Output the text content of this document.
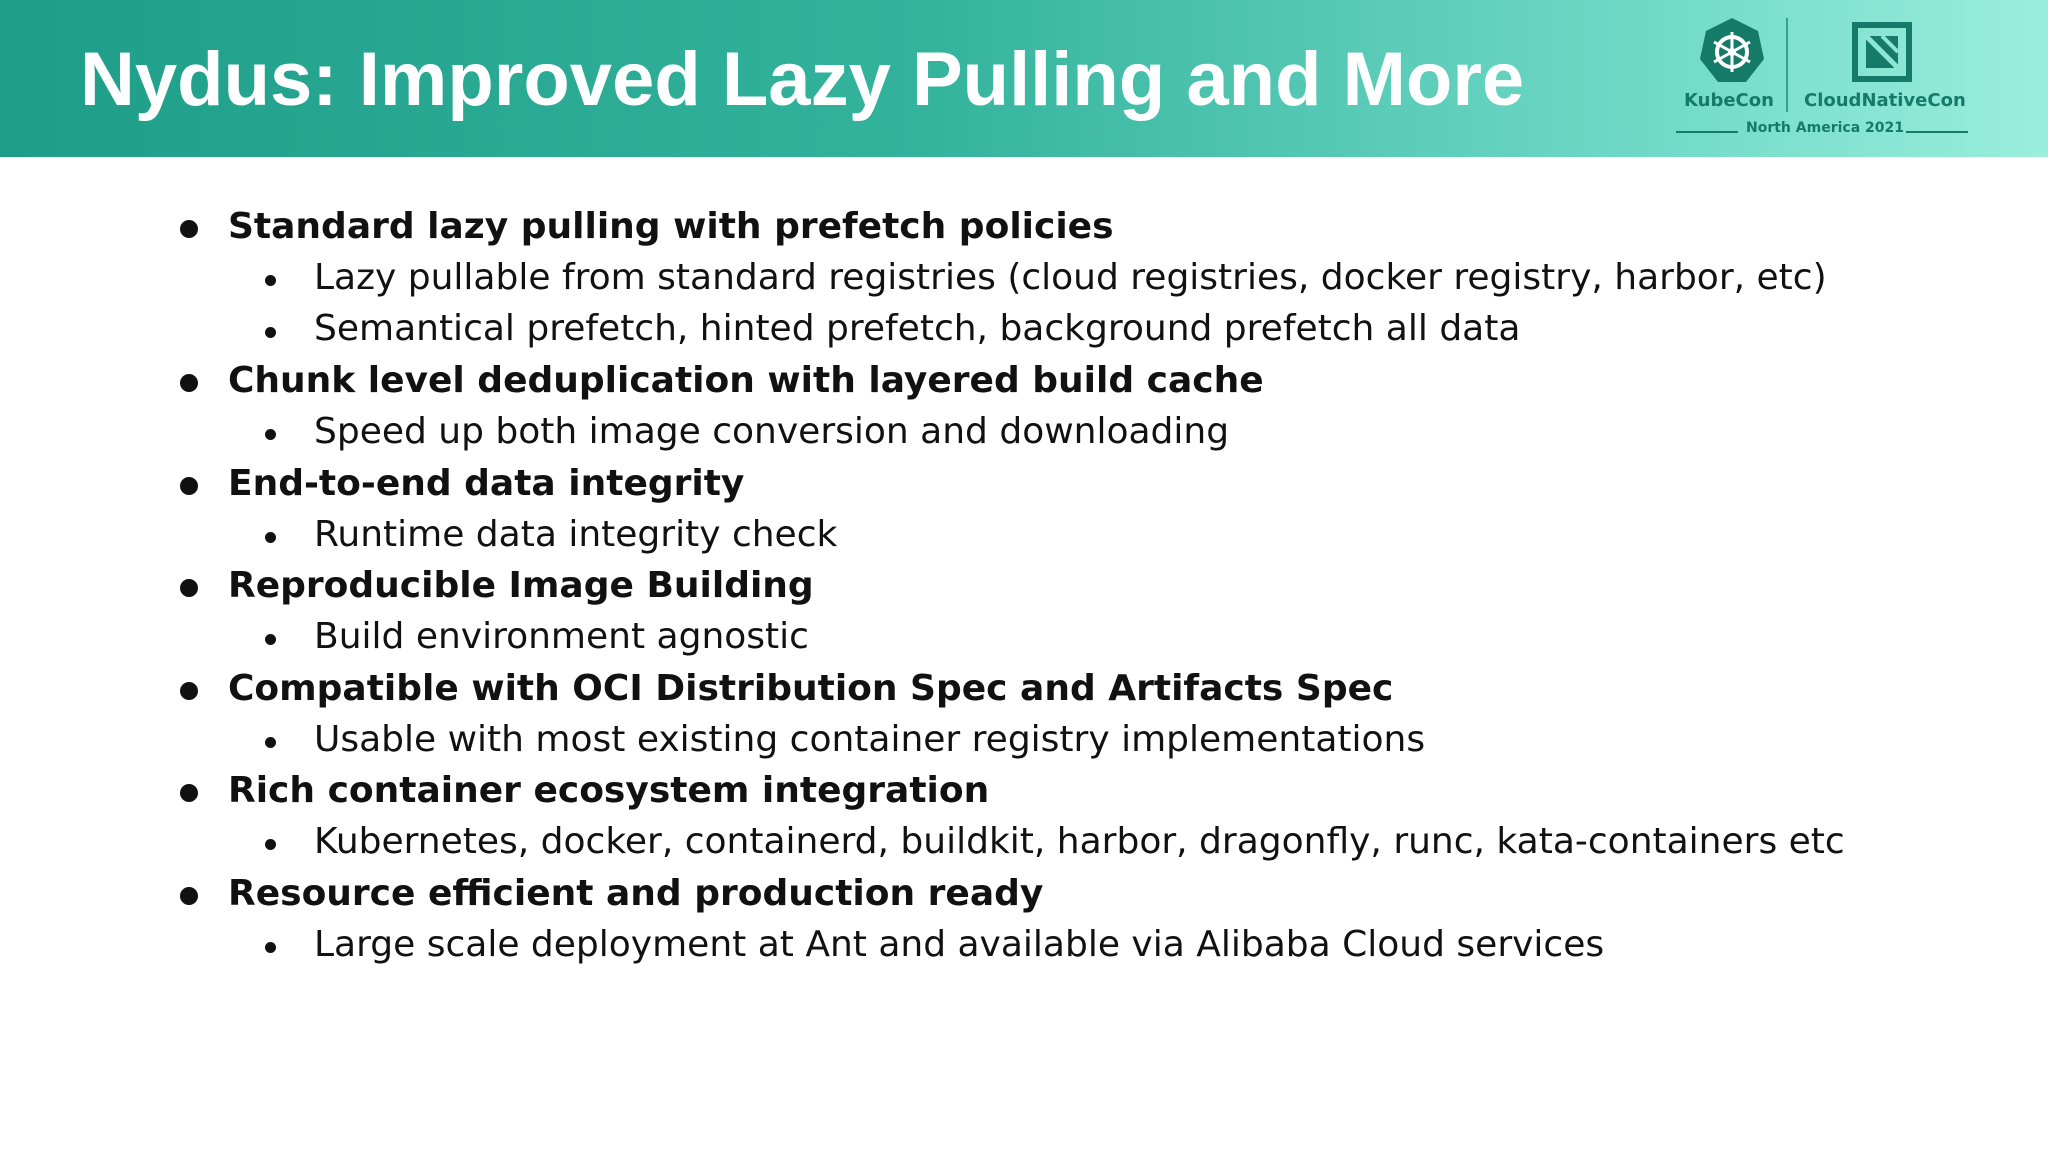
Nydus: Improved Lazy Pulling and More	KubeCon CloudNativeCon
North America 2021
Standard lazy pulling with prefetch policies
Lazy pullable from standard registries (cloud registries, docker registry, harbor, etc)
Semantical prefetch, hinted prefetch, background prefetch all data
Chunk level deduplication with layered build cache
Speed up both image conversion and downloading
End-to-end data integrity
Runtime data integrity check
Reproducible Image Building
Build environment agnostic
Compatible with OCI Distribution Spec and Artifacts Spec
Usable with most existing container registry implementations
Rich container ecosystem integration
Kubernetes, docker, containerd, buildkit, harbor, dragonfly, runc, kata-containers etc
Resource efficient and production ready
Large scale deployment at Ant and available via Alibaba Cloud services
